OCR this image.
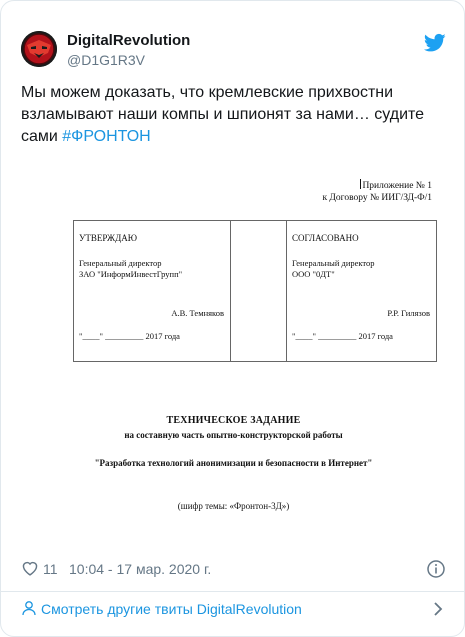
DigitalRevolution
@D1G1R3V
Мы можем доказать, что кремлевские прихвостни взламывают наши компы и шпионят за нами… судите сами #ФРОНТОН
Приложение № 1
к Договору № ИИГ/ЗД-Ф/1
УТВЕРЖДАЮ
Генеральный директор
ЗАО "ИнформИнвестГрупп"
А.В. Темняков
"____" _________ 2017 года
СОГЛАСОВАНО
Генеральный директор
ООО "0ДТ"
Р.Р. Гилязов
"____" _________ 2017 года
ТЕХНИЧЕСКОЕ ЗАДАНИЕ
на составную часть опытно-конструкторской работы
"Разработка технологий анонимизации и безопасности в Интернет"
(шифр темы: «Фронтон-3Д»)
11 10:04 - 17 мар. 2020 г.
Смотреть другие твиты DigitalRevolution
